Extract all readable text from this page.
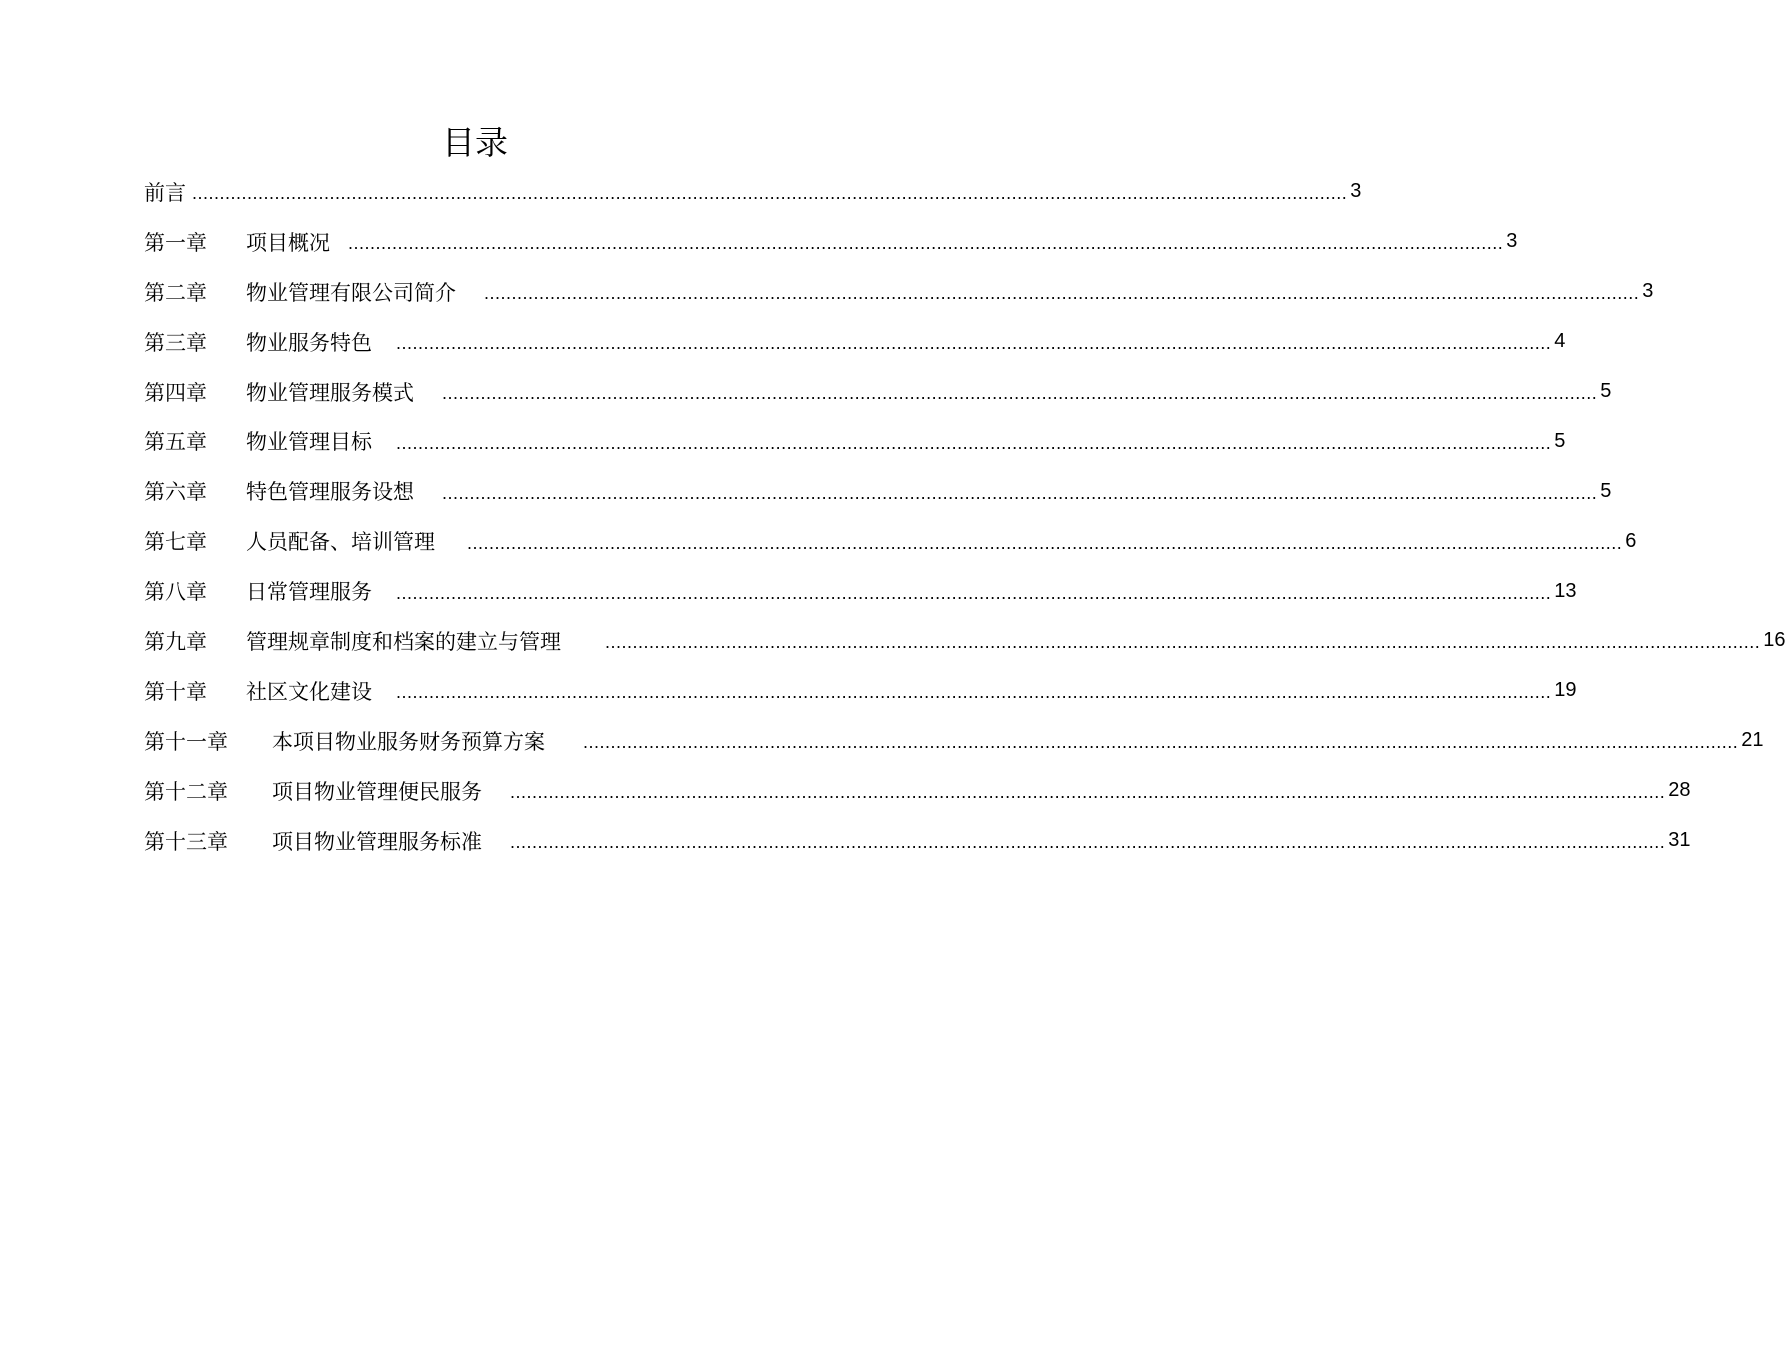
目录
前言 .................................................................................................................................................................................................................. 3
第一章	项目概况 .................................................................................................................................................................................................................. 3
第二章	物业管理有限公司简介 .................................................................................................................................................................................................................. 3
第三章	物业服务特色 .................................................................................................................................................................................................................. 4
第四章	物业管理服务模式 .................................................................................................................................................................................................................. 5
第五章	物业管理目标 .................................................................................................................................................................................................................. 5
第六章	特色管理服务设想 .................................................................................................................................................................................................................. 5
第七章	人员配备、培训管理 .................................................................................................................................................................................................................. 6
第八章	日常管理服务 .................................................................................................................................................................................................................. 13
第九章	管理规章制度和档案的建立与管理 .................................................................................................................................................................................................................. 16
第十章	社区文化建设 .................................................................................................................................................................................................................. 19
第十一章	本项目物业服务财务预算方案 .................................................................................................................................................................................................................. 21
第十二章	项目物业管理便民服务 .................................................................................................................................................................................................................. 28
第十三章	项目物业管理服务标准 .................................................................................................................................................................................................................. 31
